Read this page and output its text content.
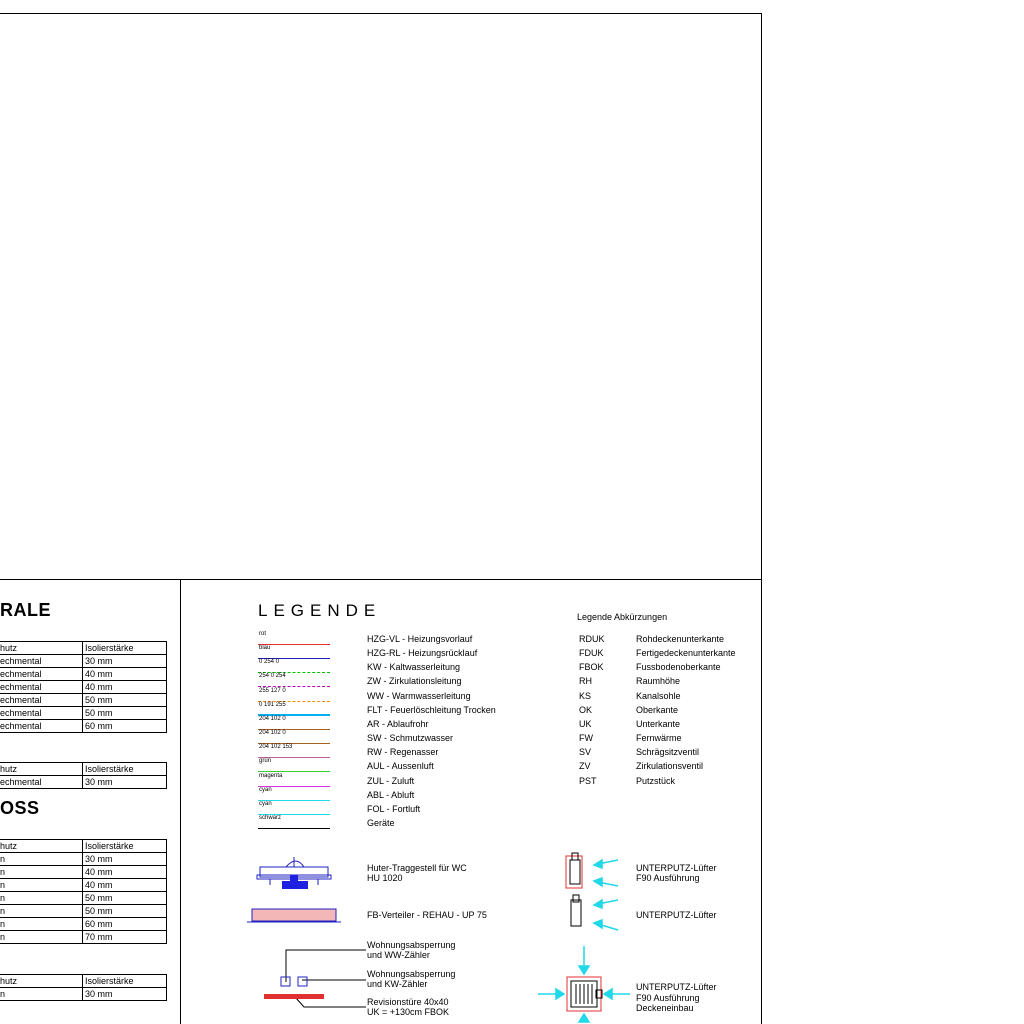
RALE
OSS
hutz	Isolierstärke
echmental	30 mm
echmental	40 mm
echmental	40 mm
echmental	50 mm
echmental	50 mm
echmental	60 mm
hutz	Isolierstärke
echmental	30 mm
hutz	Isolierstärke
n	30 mm
n	40 mm
n	40 mm
n	50 mm
n	50 mm
n	60 mm
n	70 mm
hutz	Isolierstärke
n	30 mm
LEGENDE
rot	HZG-VL - Heizungsvorlauf
blau	HZG-RL - Heizungsrücklauf
0 254 0	KW - Kaltwasserleitung
254 0 254	ZW - Zirkulationsleitung
255 127 0	WW - Warmwasserleitung
0 191 255	FLT - Feuerlöschleitung Trocken
204 102 0	AR - Ablaufrohr
204 102 0	SW - Schmutzwasser
204 102 153	RW - Regenasser
grün	AUL - Aussenluft
magenta	ZUL - Zuluft
cyan	ABL - Abluft
cyan	FOL - Fortluft
schwarz	Geräte
Legende Abkürzungen
RDUK	Rohdeckenunterkante
FDUK	Fertigedeckenunterkante
FBOK	Fussbodenoberkante
RH	Raumhöhe
KS	Kanalsohle
OK	Oberkante
UK	Unterkante
FW	Fernwärme
SV	Schrägsitzventil
ZV	Zirkulationsventil
PST	Putzstück
Huter-Traggestell für WC
HU 1020
FB-Verteiler - REHAU - UP 75
Wohnungsabsperrung
und WW-Zähler
Wohnungsabsperrung
und KW-Zähler
Revisionstüre 40x40
UK = +130cm FBOK
UNTERPUTZ-Lüfter
F90 Ausführung
UNTERPUTZ-Lüfter
UNTERPUTZ-Lüfter
F90 Ausführung
Deckeneinbau
